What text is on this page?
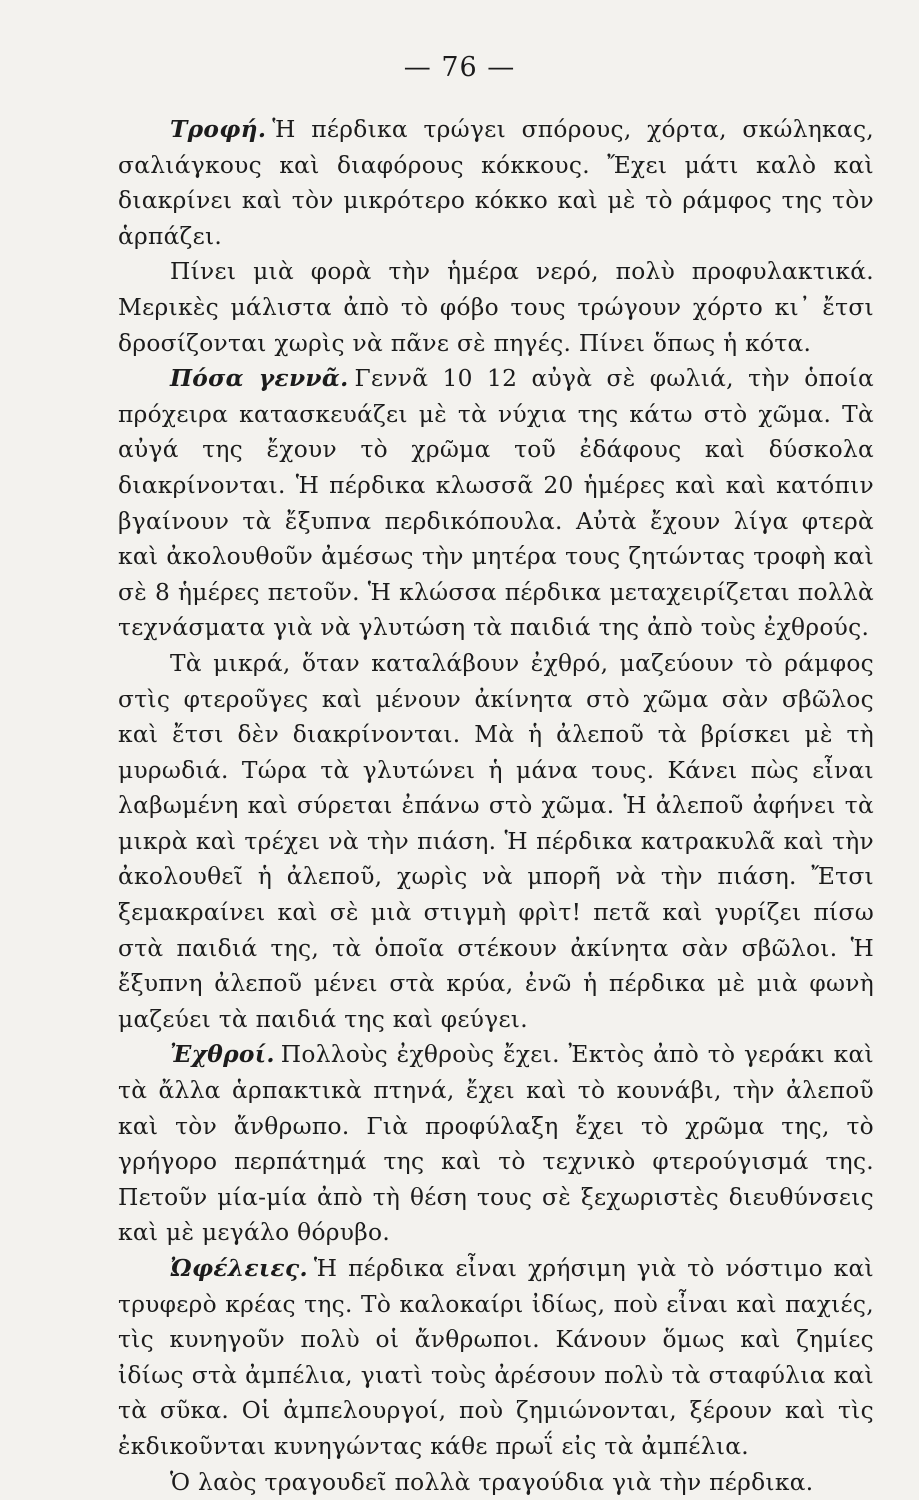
— 76 —

Τροφή. Ἡ πέρδικα τρώγει σπόρους, χόρτα, σκώληκας, σαλιάγκους καὶ διαφόρους κόκκους. Ἔχει μάτι καλὸ καὶ διακρίνει καὶ τὸν μικρότερο κόκκο καὶ μὲ τὸ ράμφος της τὸν ἁρπάζει.

Πίνει μιὰ φορὰ τὴν ἡμέρα νερό, πολὺ προφυλακτικά. Μερικὲς μάλιστα ἀπὸ τὸ φόβο τους τρώγουν χόρτο κι᾿ ἔτσι δροσίζονται χωρὶς νὰ πᾶνε σὲ πηγές. Πίνει ὅπως ἡ κότα.

Πόσα γεννᾶ. Γεννᾶ 10 12 αὐγὰ σὲ φωλιά, τὴν ὁποία πρόχειρα κατασκευάζει μὲ τὰ νύχια της κάτω στὸ χῶμα. Τὰ αὐγά της ἔχουν τὸ χρῶμα τοῦ ἐδάφους καὶ δύσκολα διακρίνονται. Ἡ πέρδικα κλωσσᾶ 20 ἡμέρες καὶ καὶ κατόπιν βγαίνουν τὰ ἔξυπνα περδικόπουλα. Αὐτὰ ἔχουν λίγα φτερὰ καὶ ἀκολουθοῦν ἀμέσως τὴν μητέρα τους ζητώντας τροφὴ καὶ σὲ 8 ἡμέρες πετοῦν. Ἡ κλώσσα πέρδικα μεταχειρίζεται πολλὰ τεχνάσματα γιὰ νὰ γλυτώση τὰ παιδιά της ἀπὸ τοὺς ἐχθρούς.

Τὰ μικρά, ὅταν καταλάβουν ἐχθρό, μαζεύουν τὸ ράμφος στὶς φτεροῦγες καὶ μένουν ἀκίνητα στὸ χῶμα σὰν σβῶλος καὶ ἔτσι δὲν διακρίνονται. Μὰ ἡ ἀλεποῦ τὰ βρίσκει μὲ τὴ μυρωδιά. Τώρα τὰ γλυτώνει ἡ μάνα τους. Κάνει πὼς εἶναι λαβωμένη καὶ σύρεται ἐπάνω στὸ χῶμα. Ἡ ἀλεποῦ ἀφήνει τὰ μικρὰ καὶ τρέχει νὰ τὴν πιάση. Ἡ πέρδικα κατρακυλᾶ καὶ τὴν ἀκολουθεῖ ἡ ἀλεποῦ, χωρὶς νὰ μπορῆ νὰ τὴν πιάση. Ἔτσι ξεμακραίνει καὶ σὲ μιὰ στιγμὴ φρὶτ! πετᾶ καὶ γυρίζει πίσω στὰ παιδιά της, τὰ ὁποῖα στέκουν ἀκίνητα σὰν σβῶλοι. Ἡ ἔξυπνη ἀλεποῦ μένει στὰ κρύα, ἐνῶ ἡ πέρδικα μὲ μιὰ φωνὴ μαζεύει τὰ παιδιά της καὶ φεύγει.

Ἐχθροί. Πολλοὺς ἐχθροὺς ἔχει. Ἐκτὸς ἀπὸ τὸ γεράκι καὶ τὰ ἄλλα ἁρπακτικὰ πτηνά, ἔχει καὶ τὸ κουνάβι, τὴν ἀλεποῦ καὶ τὸν ἄνθρωπο. Γιὰ προφύλαξη ἔχει τὸ χρῶμα της, τὸ γρήγορο περπάτημά της καὶ τὸ τεχνικὸ φτερούγισμά της. Πετοῦν μία-μία ἀπὸ τὴ θέση τους σὲ ξεχωριστὲς διευθύνσεις καὶ μὲ μεγάλο θόρυβο.

Ὠφέλειες. Ἡ πέρδικα εἶναι χρήσιμη γιὰ τὸ νόστιμο καὶ τρυφερὸ κρέας της. Τὸ καλοκαίρι ἰδίως, ποὺ εἶναι καὶ παχιές, τὶς κυνηγοῦν πολὺ οἱ ἄνθρωποι. Κάνουν ὅμως καὶ ζημίες ἰδίως στὰ ἀμπέλια, γιατὶ τοὺς ἀρέσουν πολὺ τὰ σταφύλια καὶ τὰ σῦκα. Οἱ ἀμπελουργοί, ποὺ ζημιώνονται, ξέρουν καὶ τὶς ἐκδικοῦνται κυνηγώντας κάθε πρωΐ εἰς τὰ ἀμπέλια.

Ὁ λαὸς τραγουδεῖ πολλὰ τραγούδια γιὰ τὴν πέρδικα.
